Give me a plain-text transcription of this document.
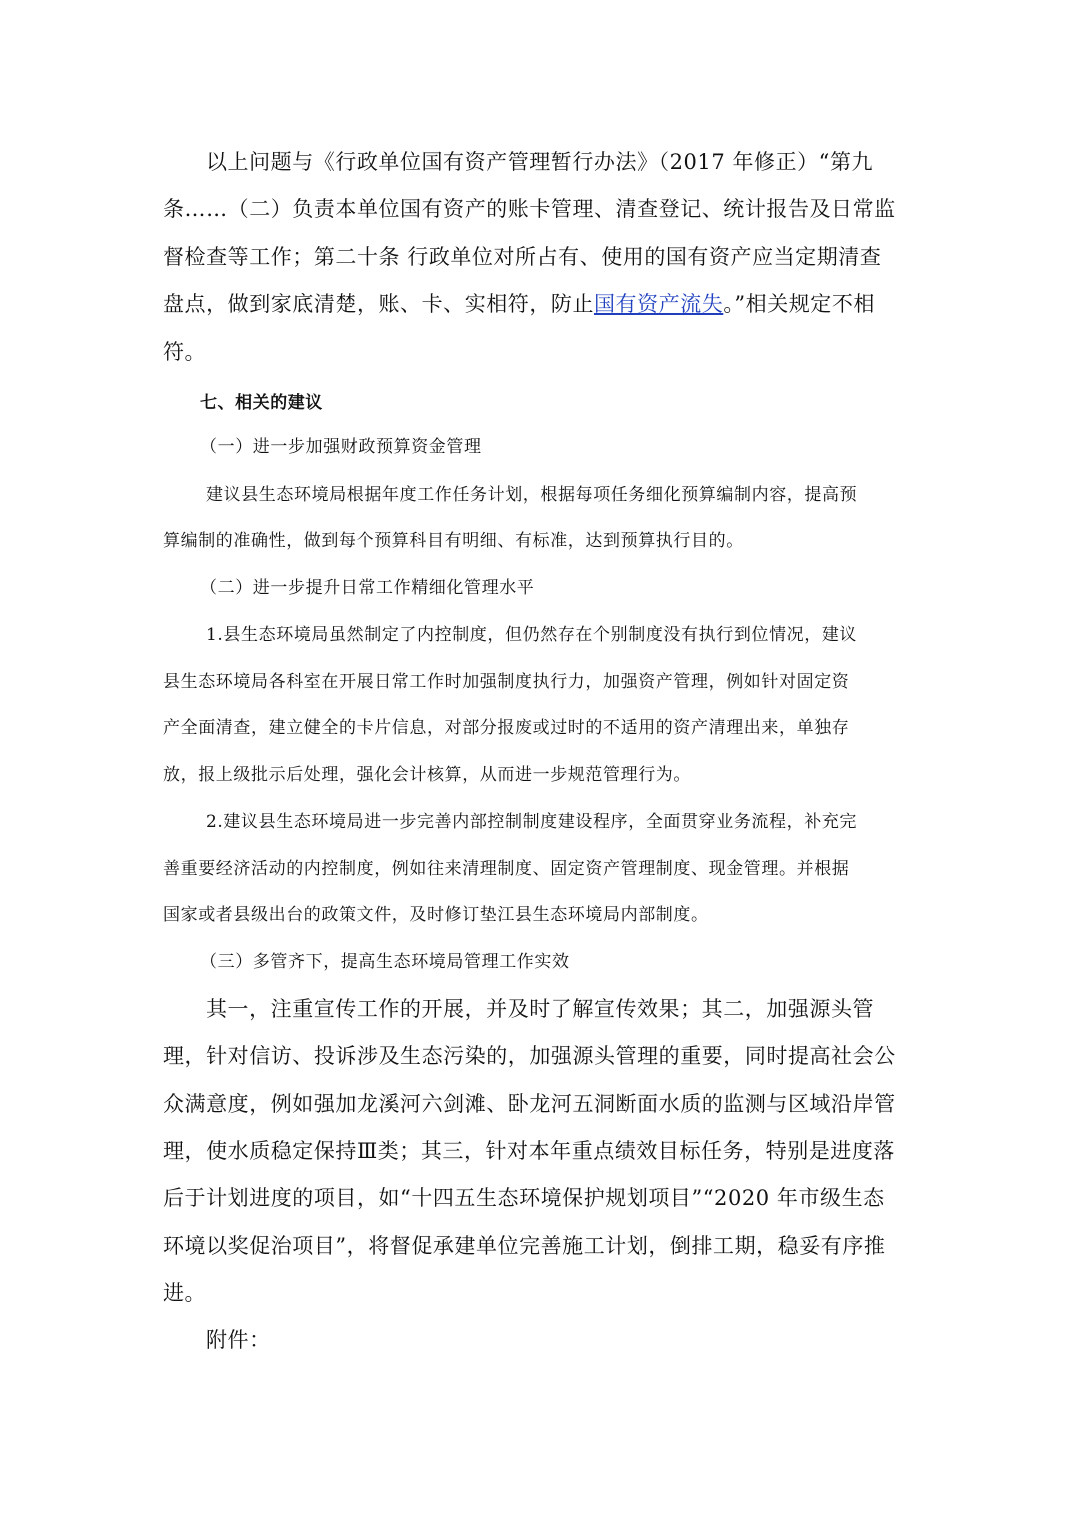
以上问题与《行政单位国有资产管理暂行办法》（2017 年修正）“第九
条……（二）负责本单位国有资产的账卡管理、清查登记、统计报告及日常监
督检查等工作；第二十条 行政单位对所占有、使用的国有资产应当定期清查
盘点，做到家底清楚，账、卡、实相符，防止国有资产流失。”相关规定不相
符。
七、相关的建议
（一）进一步加强财政预算资金管理
建议县生态环境局根据年度工作任务计划，根据每项任务细化预算编制内容，提高预
算编制的准确性，做到每个预算科目有明细、有标准，达到预算执行目的。
（二）进一步提升日常工作精细化管理水平
1.县生态环境局虽然制定了内控制度，但仍然存在个别制度没有执行到位情况，建议
县生态环境局各科室在开展日常工作时加强制度执行力，加强资产管理，例如针对固定资
产全面清查，建立健全的卡片信息，对部分报废或过时的不适用的资产清理出来，单独存
放，报上级批示后处理，强化会计核算，从而进一步规范管理行为。
2.建议县生态环境局进一步完善内部控制制度建设程序，全面贯穿业务流程，补充完
善重要经济活动的内控制度，例如往来清理制度、固定资产管理制度、现金管理。并根据
国家或者县级出台的政策文件，及时修订垫江县生态环境局内部制度。
（三）多管齐下，提高生态环境局管理工作实效
其一，注重宣传工作的开展，并及时了解宣传效果；其二，加强源头管
理，针对信访、投诉涉及生态污染的，加强源头管理的重要，同时提高社会公
众满意度，例如强加龙溪河六剑滩、卧龙河五洞断面水质的监测与区域沿岸管
理，使水质稳定保持Ⅲ类；其三，针对本年重点绩效目标任务，特别是进度落
后于计划进度的项目，如“十四五生态环境保护规划项目”“2020 年市级生态
环境以奖促治项目”，将督促承建单位完善施工计划，倒排工期，稳妥有序推
进。
附件：
